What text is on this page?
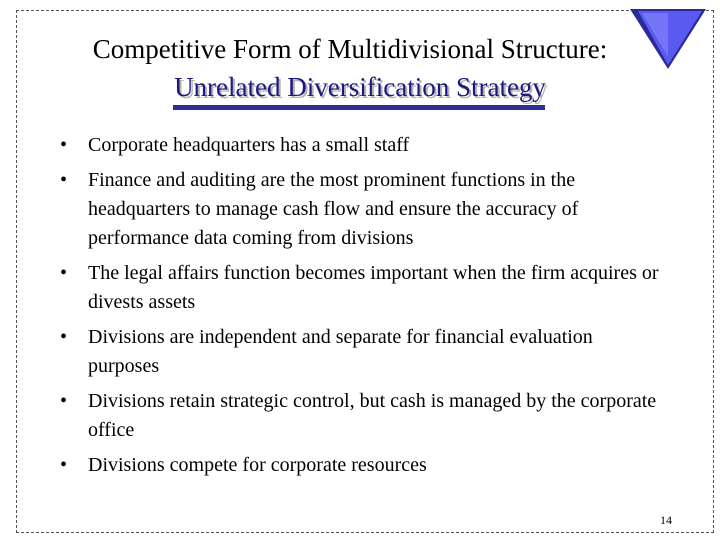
Competitive Form of Multidivisional Structure:
Unrelated Diversification Strategy
•	Corporate headquarters has a small staff
•	Finance and auditing are the most prominent functions in the headquarters to manage cash flow and ensure the accuracy of performance data coming from divisions
•	The legal affairs function becomes important when the firm acquires or divests assets
•	Divisions are independent and separate for financial evaluation purposes
•	Divisions retain strategic control, but cash is managed by the corporate office
•	Divisions compete for corporate resources
14
